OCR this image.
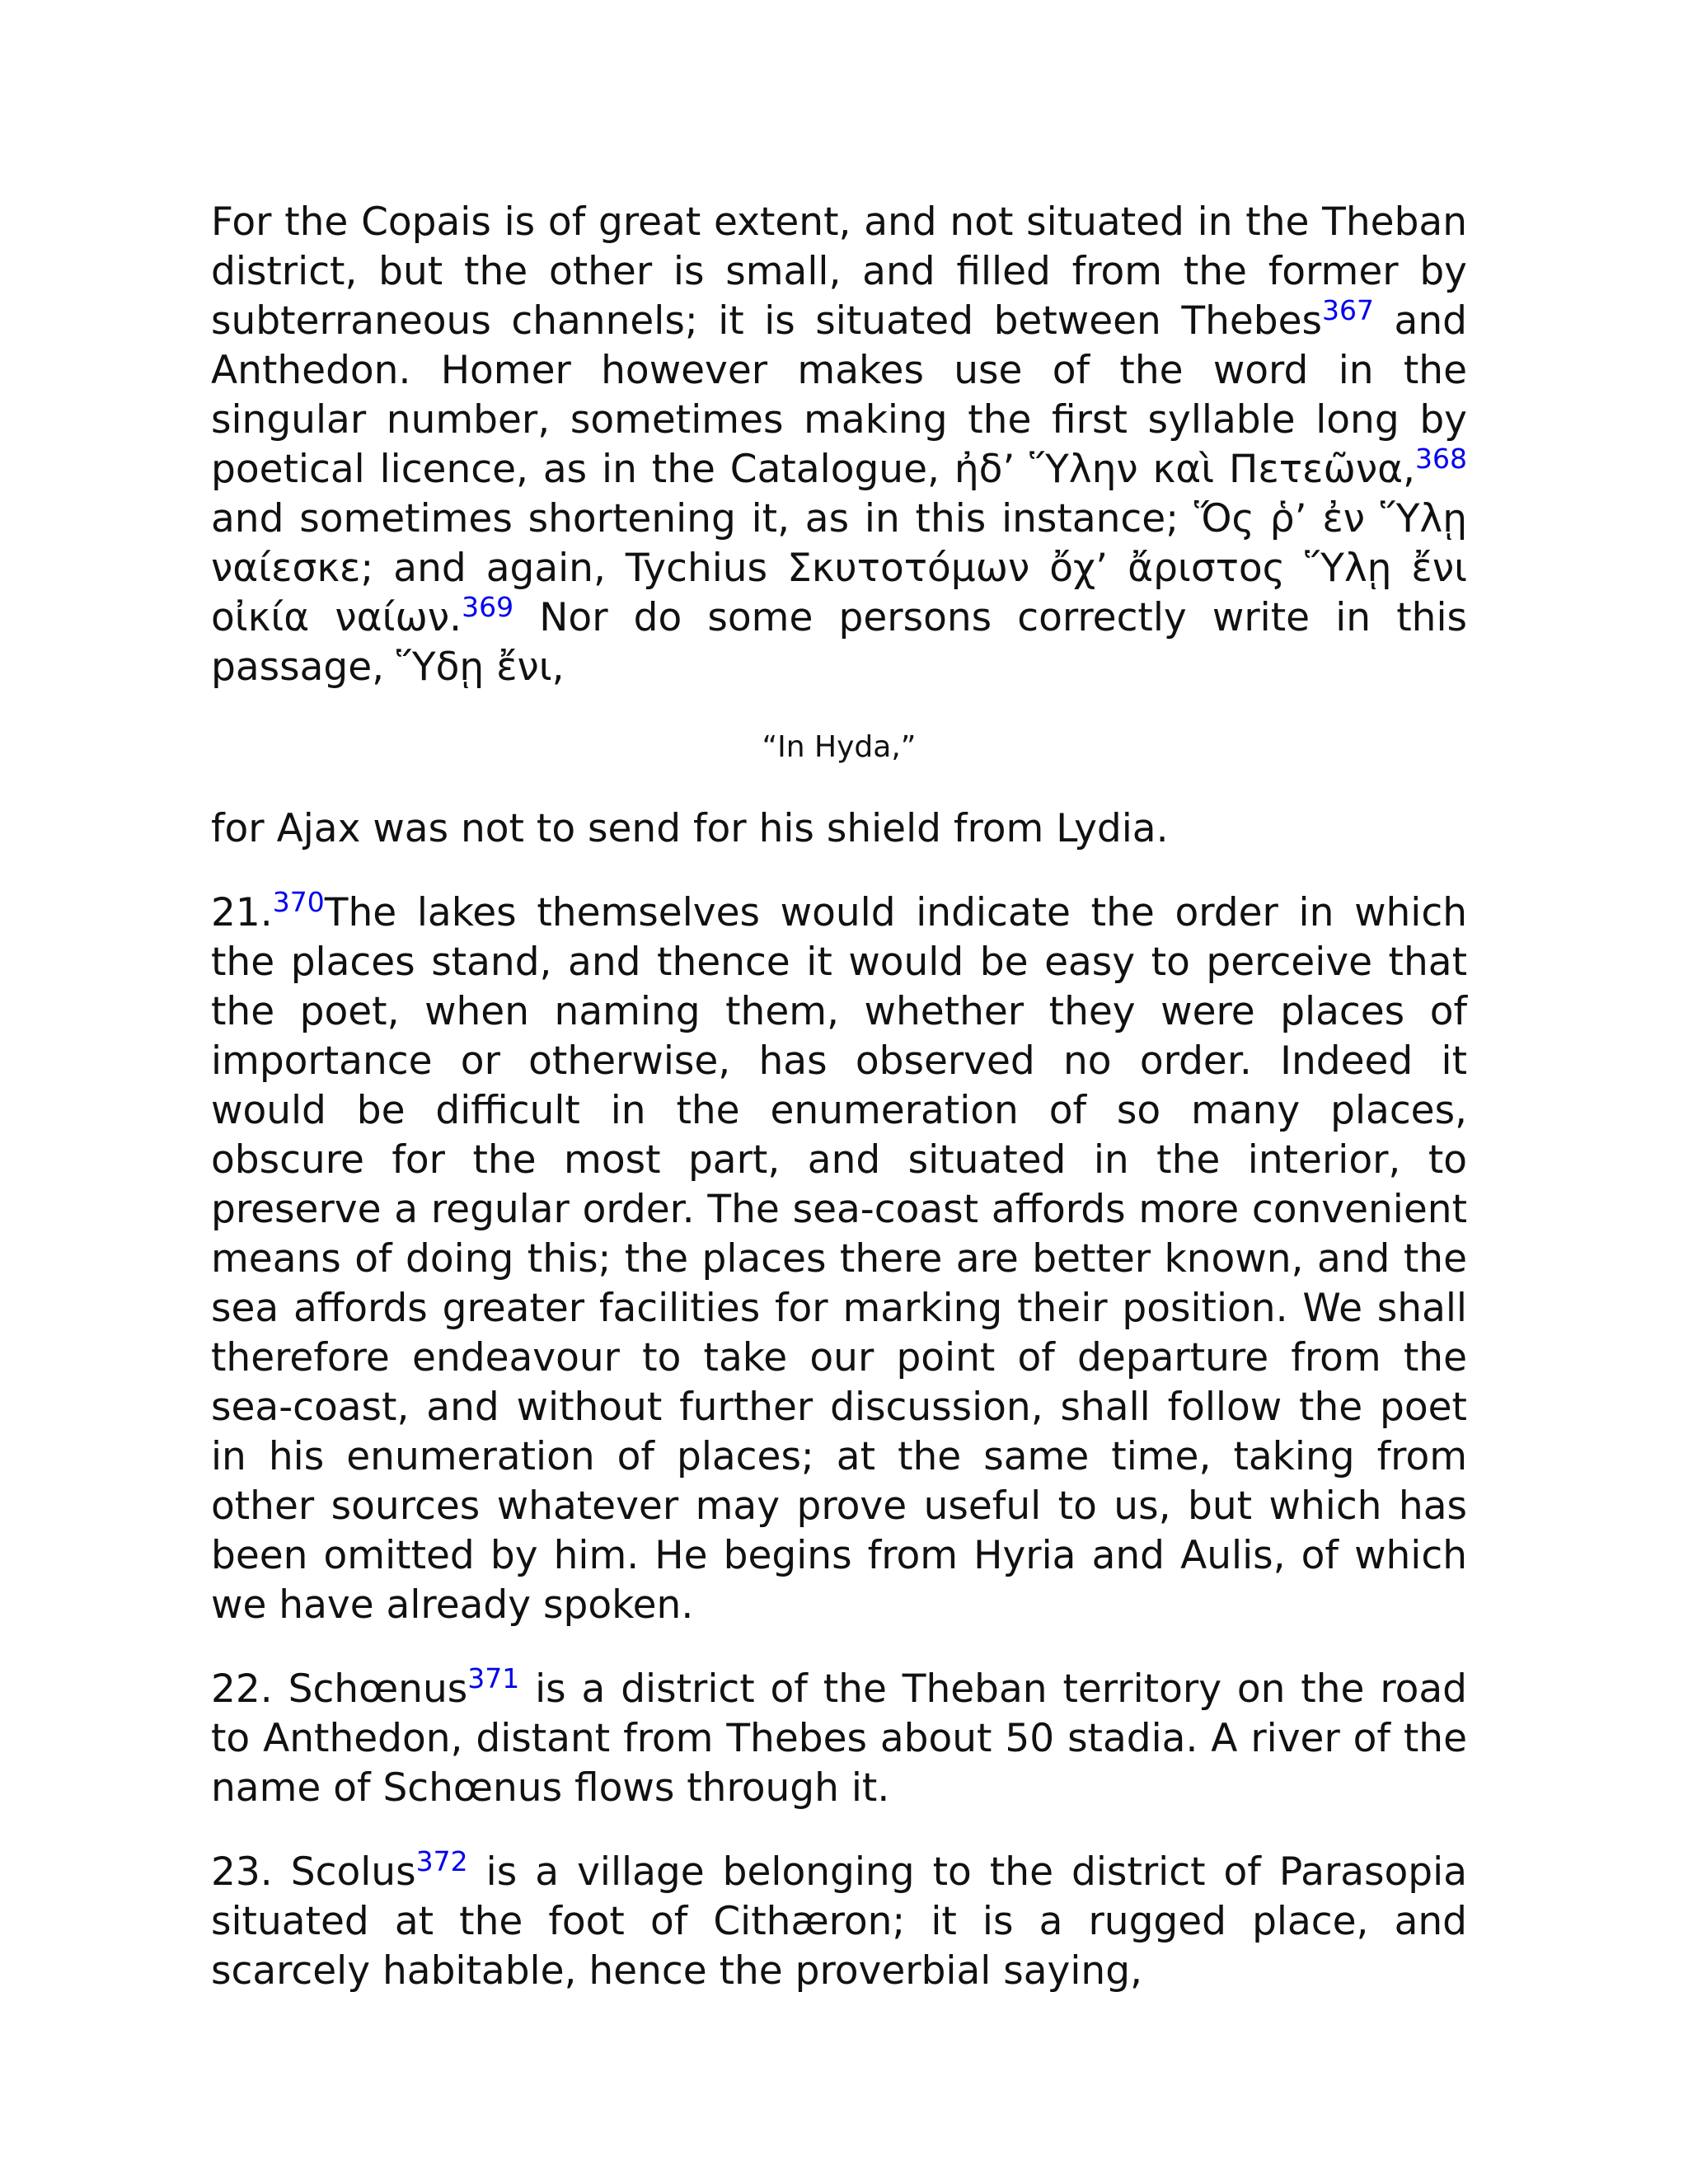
For the Copais is of great extent, and not situated in the Theban district, but the other is small, and filled from the former by subterraneous channels; it is situated between Thebes$^{367}$ and Anthedon. Homer however makes use of the word in the singular number, sometimes making the first syllable long by poetical licence, as in the Catalogue, ἠδ’ Ὕλην καὶ Πετεῶνα,$^{368}$ and sometimes shortening it, as in this instance; Ὅς ῥ’ ἐν Ὕλῃ ναίεσκε; and again, Tychius Σκυτοτόμων ὄχ’ ἄριστος Ὕλῃ ἔνι οἰκία ναίων.$^{369}$ Nor do some persons correctly write in this passage, Ὕδῃ ἔνι,

“In Hyda,”

for Ajax was not to send for his shield from Lydia.

21.$^{370}$The lakes themselves would indicate the order in which the places stand, and thence it would be easy to perceive that the poet, when naming them, whether they were places of importance or otherwise, has observed no order. Indeed it would be difficult in the enumeration of so many places, obscure for the most part, and situated in the interior, to preserve a regular order. The sea-coast affords more convenient means of doing this; the places there are better known, and the sea affords greater facilities for marking their position. We shall therefore endeavour to take our point of departure from the sea-coast, and without further discussion, shall follow the poet in his enumeration of places; at the same time, taking from other sources whatever may prove useful to us, but which has been omitted by him. He begins from Hyria and Aulis, of which we have already spoken.

22. Schœnus$^{371}$ is a district of the Theban territory on the road to Anthedon, distant from Thebes about 50 stadia. A river of the name of Schœnus flows through it.

23. Scolus$^{372}$ is a village belonging to the district of Parasopia situated at the foot of Cithæron; it is a rugged place, and scarcely habitable, hence the proverbial saying,
